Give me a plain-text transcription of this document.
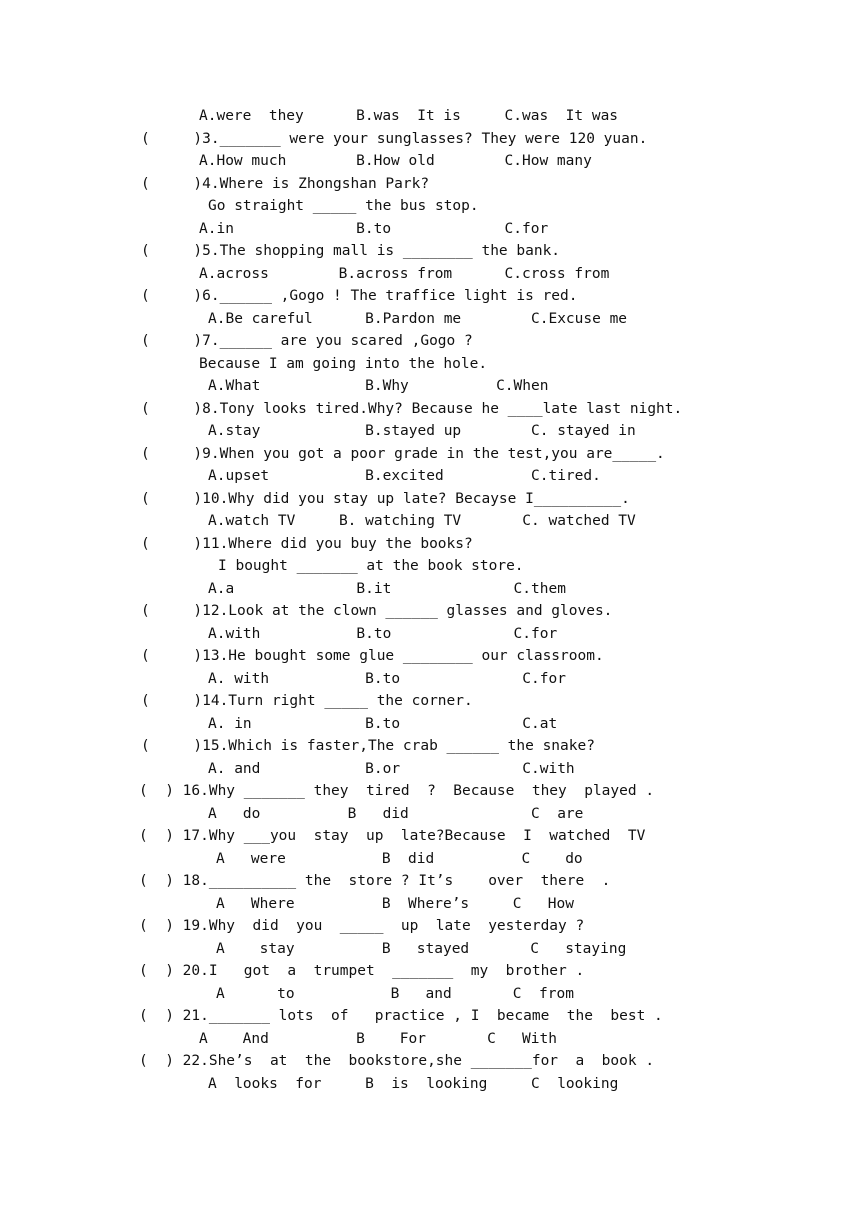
A.were  they      B.was  It is     C.was  It was
(     )3._______ were your sunglasses? They were 120 yuan.
A.How much        B.How old        C.How many
(     )4.Where is Zhongshan Park?
Go straight _____ the bus stop.
A.in              B.to             C.for
(     )5.The shopping mall is ________ the bank.
A.across        B.across from      C.cross from
(     )6.______ ,Gogo ! The traffice light is red.
A.Be careful      B.Pardon me        C.Excuse me
(     )7.______ are you scared ,Gogo ?
Because I am going into the hole.
A.What            B.Why          C.When
(     )8.Tony looks tired.Why? Because he ____late last night.
A.stay            B.stayed up        C. stayed in
(     )9.When you got a poor grade in the test,you are_____.
A.upset           B.excited          C.tired.
(     )10.Why did you stay up late? Becayse I__________.
A.watch TV     B. watching TV       C. watched TV
(     )11.Where did you buy the books?
I bought _______ at the book store.
A.a              B.it              C.them
(     )12.Look at the clown ______ glasses and gloves.
A.with           B.to              C.for
(     )13.He bought some glue ________ our classroom.
A. with           B.to              C.for
(     )14.Turn right _____ the corner.
A. in             B.to              C.at
(     )15.Which is faster,The crab ______ the snake?
A. and            B.or              C.with
(  ) 16.Why _______ they  tired  ?  Because  they  played .
A   do          B   did              C  are
(  ) 17.Why ___you  stay  up  late?Because  I  watched  TV
A   were           B  did          C    do
(  ) 18.__________ the  store ? It’s    over  there  .
A   Where          B  Where’s     C   How
(  ) 19.Why  did  you  _____  up  late  yesterday ?
A    stay          B   stayed       C   staying
(  ) 20.I   got  a  trumpet  _______  my  brother .
A      to           B   and       C  from
(  ) 21._______ lots  of   practice , I  became  the  best .
A    And          B    For       C   With
(  ) 22.She’s  at  the  bookstore,she _______for  a  book .
A  looks  for     B  is  looking     C  looking
